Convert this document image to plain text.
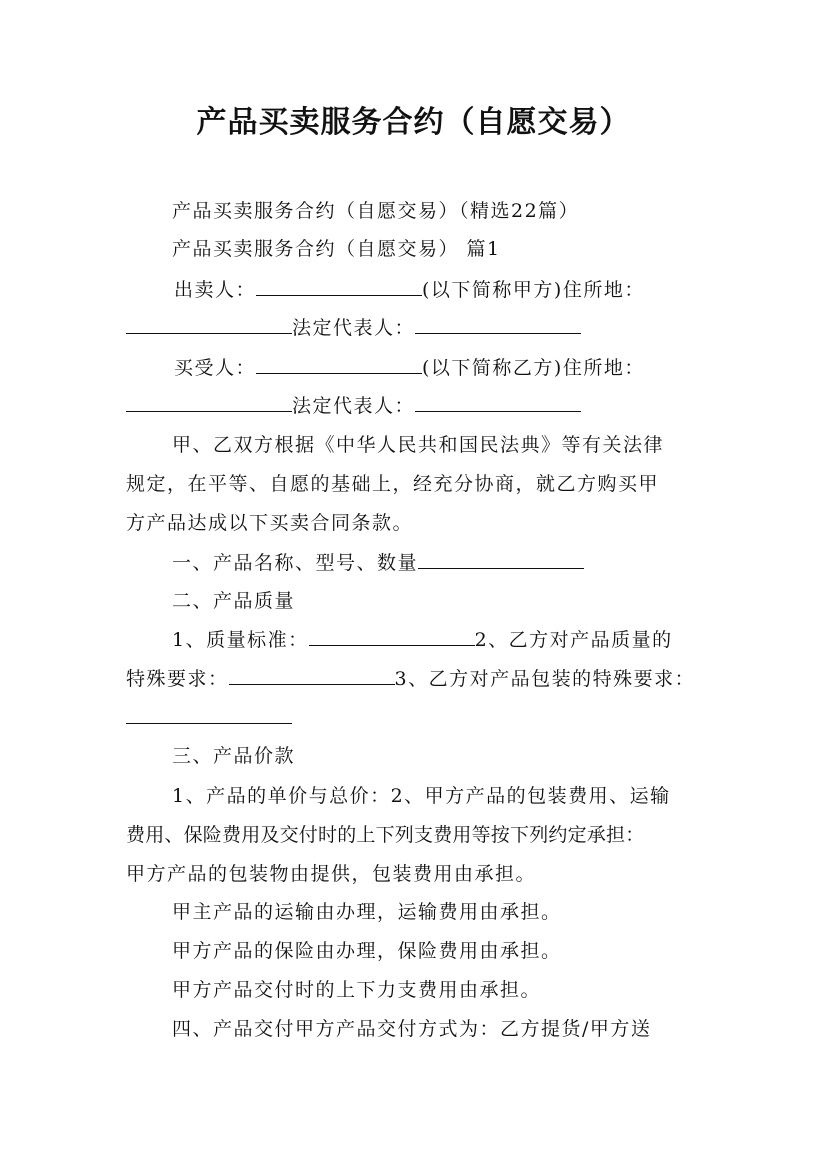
产品买卖服务合约（自愿交易）
产品买卖服务合约（自愿交易）（精选22篇）
产品买卖服务合约（自愿交易） 篇1
出卖人：	(以下简称甲方)住所地：
法定代表人：
买受人：	(以下简称乙方)住所地：
法定代表人：
甲、乙双方根据《中华人民共和国民法典》等有关法律
规定，在平等、自愿的基础上，经充分协商，就乙方购买甲
方产品达成以下买卖合同条款。
一、产品名称、型号、数量
二、产品质量
1、质量标准：	2、乙方对产品质量的
特殊要求：	3、乙方对产品包装的特殊要求：
三、产品价款
1、产品的单价与总价：2、甲方产品的包装费用、运输
费用、保险费用及交付时的上下列支费用等按下列约定承担：
甲方产品的包装物由提供，包装费用由承担。
甲主产品的运输由办理，运输费用由承担。
甲方产品的保险由办理，保险费用由承担。
甲方产品交付时的上下力支费用由承担。
四、产品交付甲方产品交付方式为：乙方提货/甲方送
